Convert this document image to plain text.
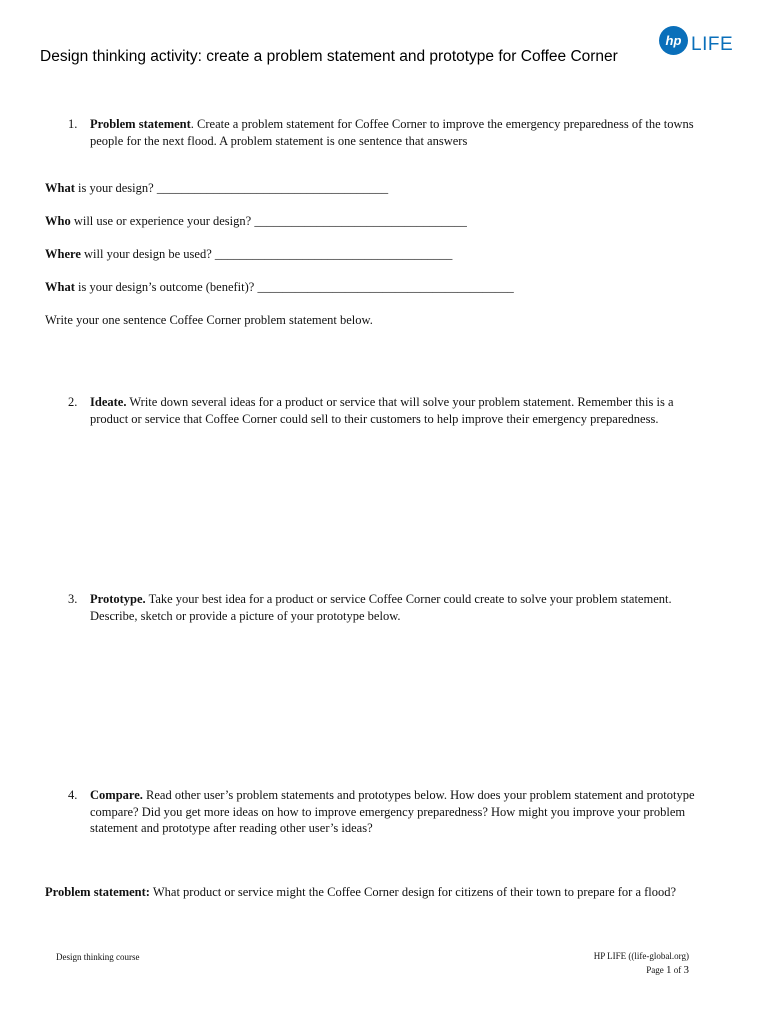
hp LIFE
Design thinking activity: create a problem statement and prototype for Coffee Corner
1. Problem statement. Create a problem statement for Coffee Corner to improve the emergency preparedness of the towns people for the next flood. A problem statement is one sentence that answers
What is your design? _____________________________________
Who will use or experience your design? __________________________________
Where will your design be used? ______________________________________
What is your design’s outcome (benefit)? _________________________________________
Write your one sentence Coffee Corner problem statement below.
2. Ideate. Write down several ideas for a product or service that will solve your problem statement. Remember this is a product or service that Coffee Corner could sell to their customers to help improve their emergency preparedness.
3. Prototype. Take your best idea for a product or service Coffee Corner could create to solve your problem statement. Describe, sketch or provide a picture of your prototype below.
4. Compare. Read other user’s problem statements and prototypes below. How does your problem statement and prototype compare? Did you get more ideas on how to improve emergency preparedness? How might you improve your problem statement and prototype after reading other user’s ideas?
Problem statement: What product or service might the Coffee Corner design for citizens of their town to prepare for a flood?
Design thinking course	HP LIFE ((life-global.org)
Page 1 of 3
